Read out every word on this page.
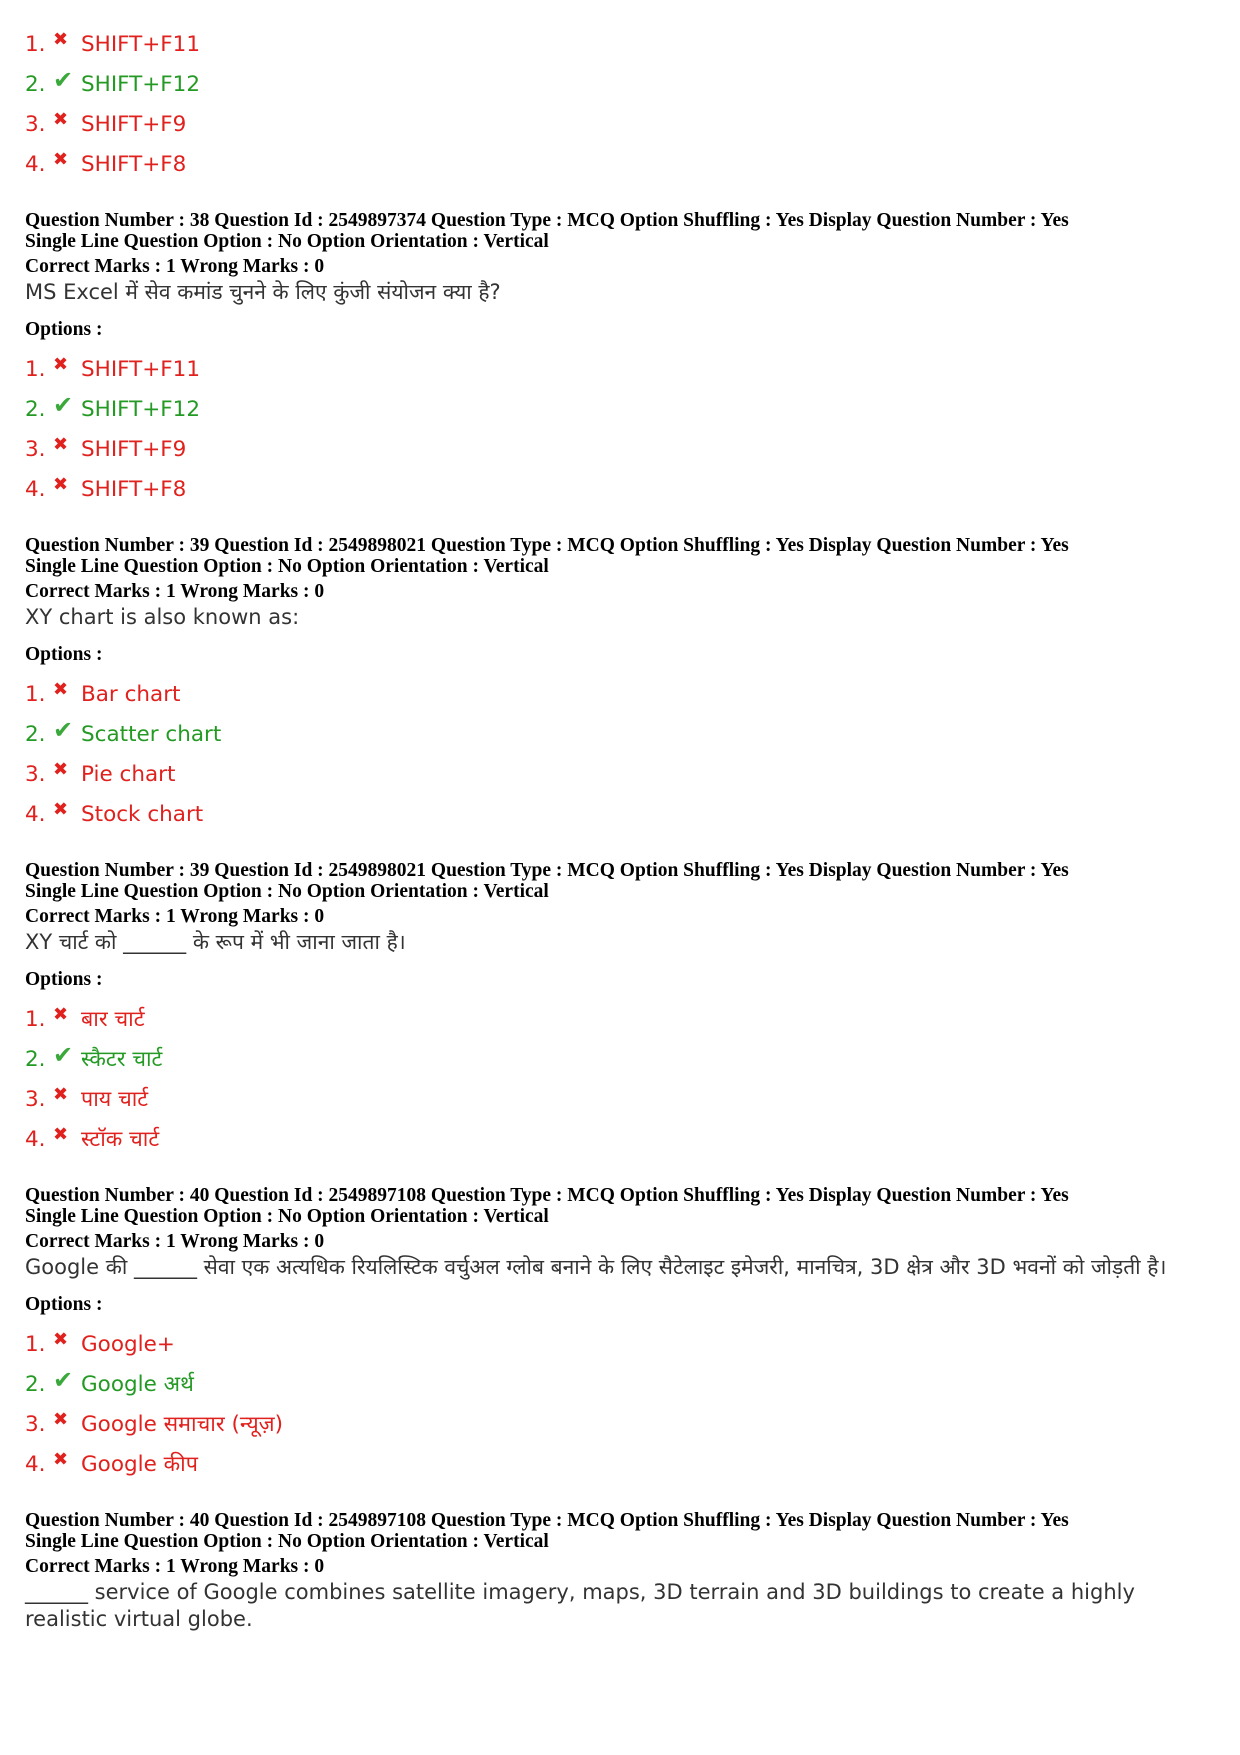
1. ✖ SHIFT+F11
2. ✔ SHIFT+F12
3. ✖ SHIFT+F9
4. ✖ SHIFT+F8
Question Number : 38 Question Id : 2549897374 Question Type : MCQ Option Shuffling : Yes Display Question Number : Yes
Single Line Question Option : No Option Orientation : Vertical
Correct Marks : 1 Wrong Marks : 0
MS Excel में सेव कमांड चुनने के लिए कुंजी संयोजन क्या है?
Options :
1. ✖ SHIFT+F11
2. ✔ SHIFT+F12
3. ✖ SHIFT+F9
4. ✖ SHIFT+F8
Question Number : 39 Question Id : 2549898021 Question Type : MCQ Option Shuffling : Yes Display Question Number : Yes
Single Line Question Option : No Option Orientation : Vertical
Correct Marks : 1 Wrong Marks : 0
XY chart is also known as:
Options :
1. ✖ Bar chart
2. ✔ Scatter chart
3. ✖ Pie chart
4. ✖ Stock chart
Question Number : 39 Question Id : 2549898021 Question Type : MCQ Option Shuffling : Yes Display Question Number : Yes
Single Line Question Option : No Option Orientation : Vertical
Correct Marks : 1 Wrong Marks : 0
XY चार्ट को ______ के रूप में भी जाना जाता है।
Options :
1. ✖ बार चार्ट
2. ✔ स्कैटर चार्ट
3. ✖ पाय चार्ट
4. ✖ स्टॉक चार्ट
Question Number : 40 Question Id : 2549897108 Question Type : MCQ Option Shuffling : Yes Display Question Number : Yes
Single Line Question Option : No Option Orientation : Vertical
Correct Marks : 1 Wrong Marks : 0
Google की ______ सेवा एक अत्यधिक रियलिस्टिक वर्चुअल ग्लोब बनाने के लिए सैटेलाइट इमेजरी, मानचित्र, 3D क्षेत्र और 3D भवनों को जोड़ती है।
Options :
1. ✖ Google+
2. ✔ Google अर्थ
3. ✖ Google समाचार (न्यूज़)
4. ✖ Google कीप
Question Number : 40 Question Id : 2549897108 Question Type : MCQ Option Shuffling : Yes Display Question Number : Yes
Single Line Question Option : No Option Orientation : Vertical
Correct Marks : 1 Wrong Marks : 0
______ service of Google combines satellite imagery, maps, 3D terrain and 3D buildings to create a highly realistic virtual globe.
